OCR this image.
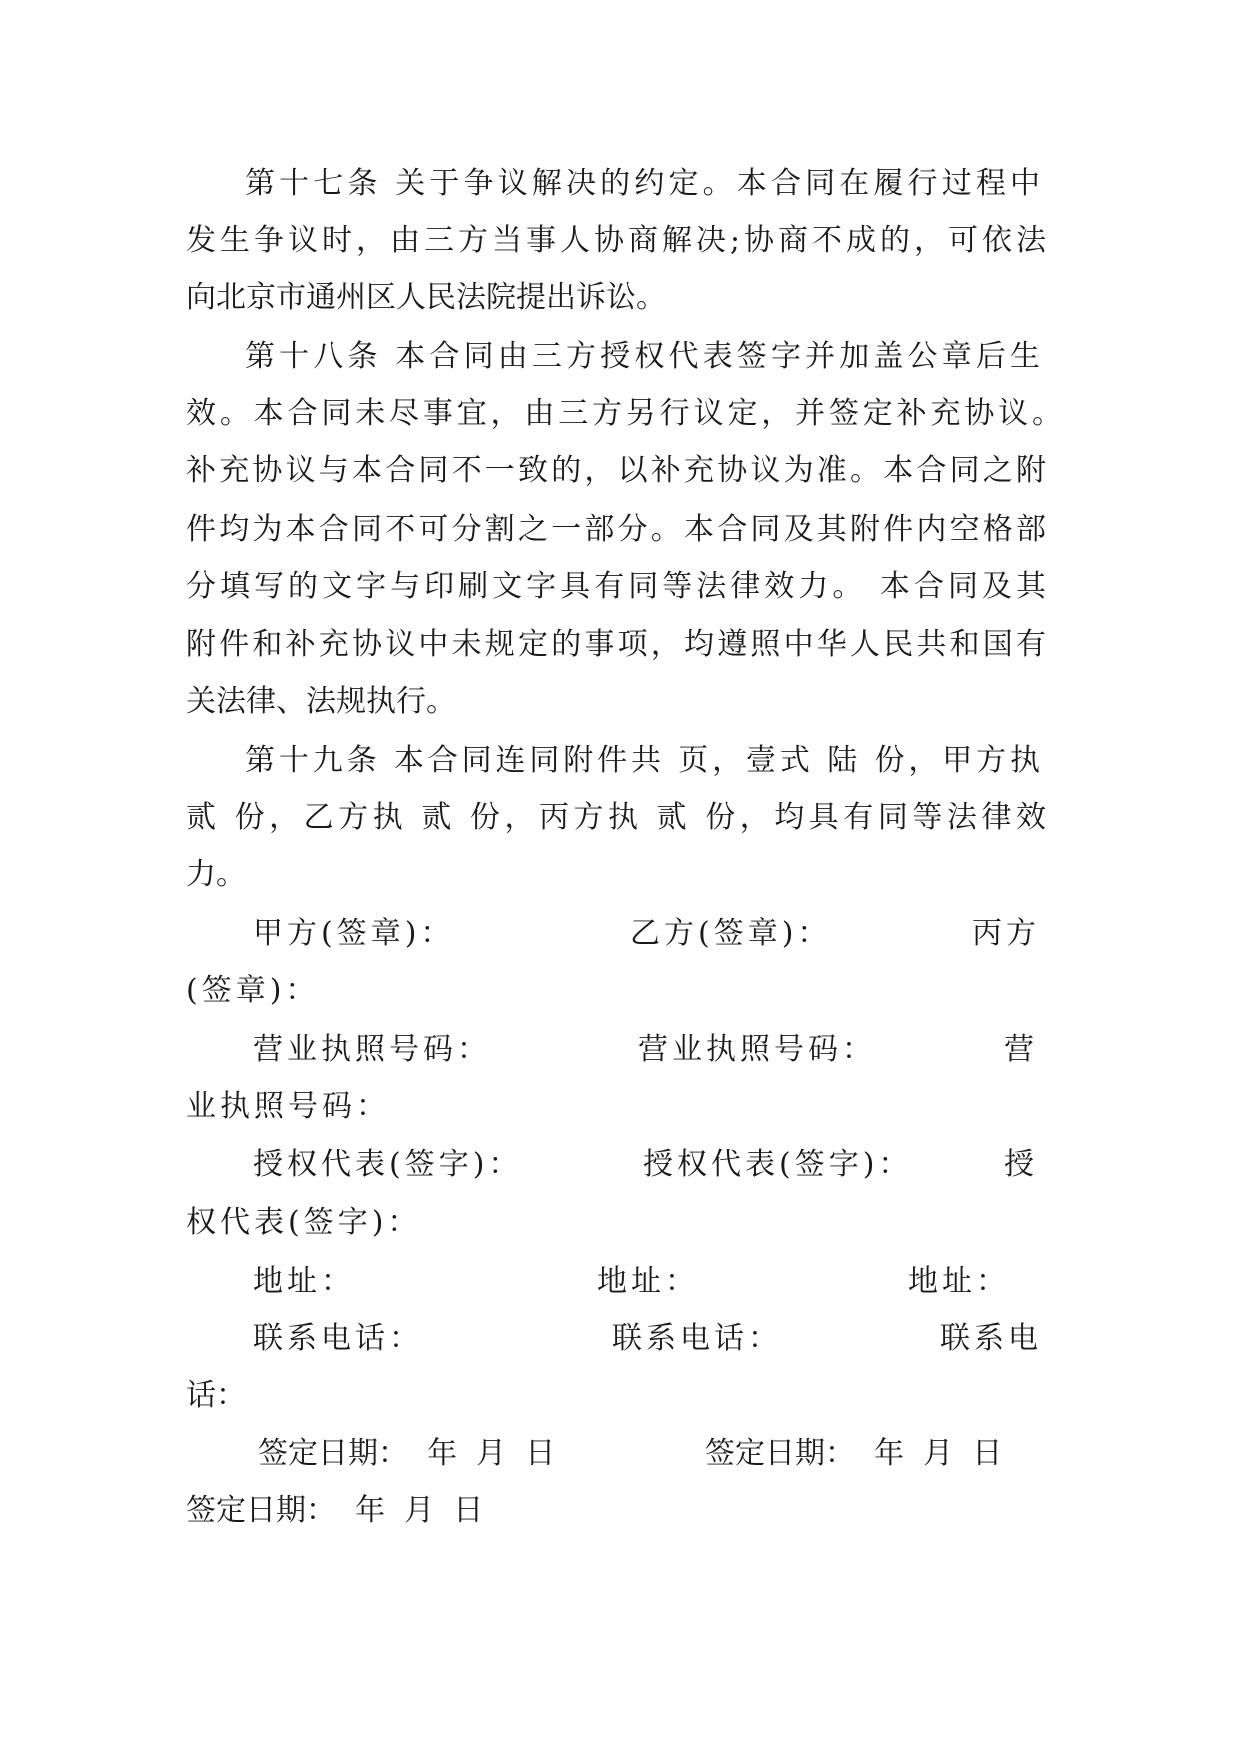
第十七条 关于争议解决的约定。本合同在履行过程中
发生争议时，由三方当事人协商解决;协商不成的，可依法
向北京市通州区人民法院提出诉讼。
第十八条 本合同由三方授权代表签字并加盖公章后生
效。本合同未尽事宜，由三方另行议定，并签定补充协议。
补充协议与本合同不一致的，以补充协议为准。本合同之附
件均为本合同不可分割之一部分。本合同及其附件内空格部
分填写的文字与印刷文字具有同等法律效力。 本合同及其
附件和补充协议中未规定的事项，均遵照中华人民共和国有
关法律、法规执行。
第十九条 本合同连同附件共 页，壹式 陆 份，甲方执
贰 份，乙方执 贰 份，丙方执 贰 份，均具有同等法律效
力。
甲方(签章)：	乙方(签章)：	丙方
(签章)：
营业执照号码：	营业执照号码：	营
业执照号码：
授权代表(签字)：	授权代表(签字)：	授
权代表(签字)：
地址：	地址：	地址：
联系电话：	联系电话：	联系电
话：
签定日期：  年  月  日	签定日期：  年  月  日
签定日期：  年  月  日
